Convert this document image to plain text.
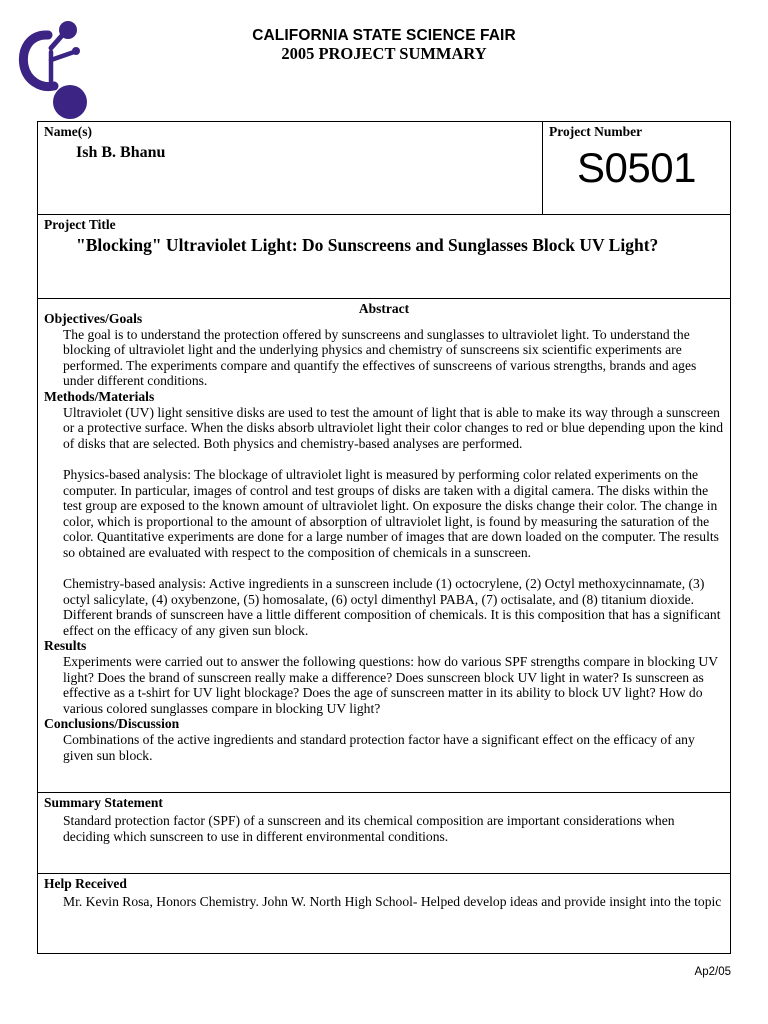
CALIFORNIA STATE SCIENCE FAIR
2005 PROJECT SUMMARY
Name(s)
Ish B. Bhanu
Project Number
S0501
Project Title
"Blocking" Ultraviolet Light: Do Sunscreens and Sunglasses Block UV Light?
Abstract
Objectives/Goals
The goal is to understand the protection offered by sunscreens and sunglasses to ultraviolet light. To understand the blocking of ultraviolet light and the underlying physics and chemistry of sunscreens six scientific experiments are performed. The experiments compare and quantify the effectives of sunscreens of various strengths, brands and ages under different conditions.
Methods/Materials
Ultraviolet (UV) light sensitive disks are used to test the amount of light that is able to make its way through a sunscreen or a protective surface. When the disks absorb ultraviolet light their color changes to red or blue depending upon the kind of disks that are selected. Both physics and chemistry-based analyses are performed.
Physics-based analysis: The blockage of ultraviolet light is measured by performing color related experiments on the computer. In particular, images of control and test groups of disks are taken with a digital camera. The disks within the test group are exposed to the known amount of ultraviolet light. On exposure the disks change their color. The change in color, which is proportional to the amount of absorption of ultraviolet light, is found by measuring the saturation of the color. Quantitative experiments are done for a large number of images that are down loaded on the computer. The results so obtained are evaluated with respect to the composition of chemicals in a sunscreen.
Chemistry-based analysis: Active ingredients in a sunscreen include (1) octocrylene, (2) Octyl methoxycinnamate, (3) octyl salicylate, (4) oxybenzone, (5) homosalate, (6) octyl dimenthyl PABA, (7) octisalate, and (8) titanium dioxide. Different brands of sunscreen have a little different composition of chemicals. It is this composition that has a significant effect on the efficacy of any given sun block.
Results
Experiments were carried out to answer the following questions: how do various SPF strengths compare in blocking UV light? Does the brand of sunscreen really make a difference? Does sunscreen block UV light in water? Is sunscreen as effective as a t-shirt for UV light blockage? Does the age of sunscreen matter in its ability to block UV light? How do various colored sunglasses compare in blocking UV light?
Conclusions/Discussion
Combinations of the active ingredients and standard protection factor have a significant effect on the efficacy of any given sun block.
Summary Statement
Standard protection factor (SPF) of a sunscreen and its chemical composition are important considerations when deciding which sunscreen to use in different environmental conditions.
Help Received
Mr. Kevin Rosa, Honors Chemistry. John W. North High School- Helped develop ideas and provide insight into the topic
Ap2/05
